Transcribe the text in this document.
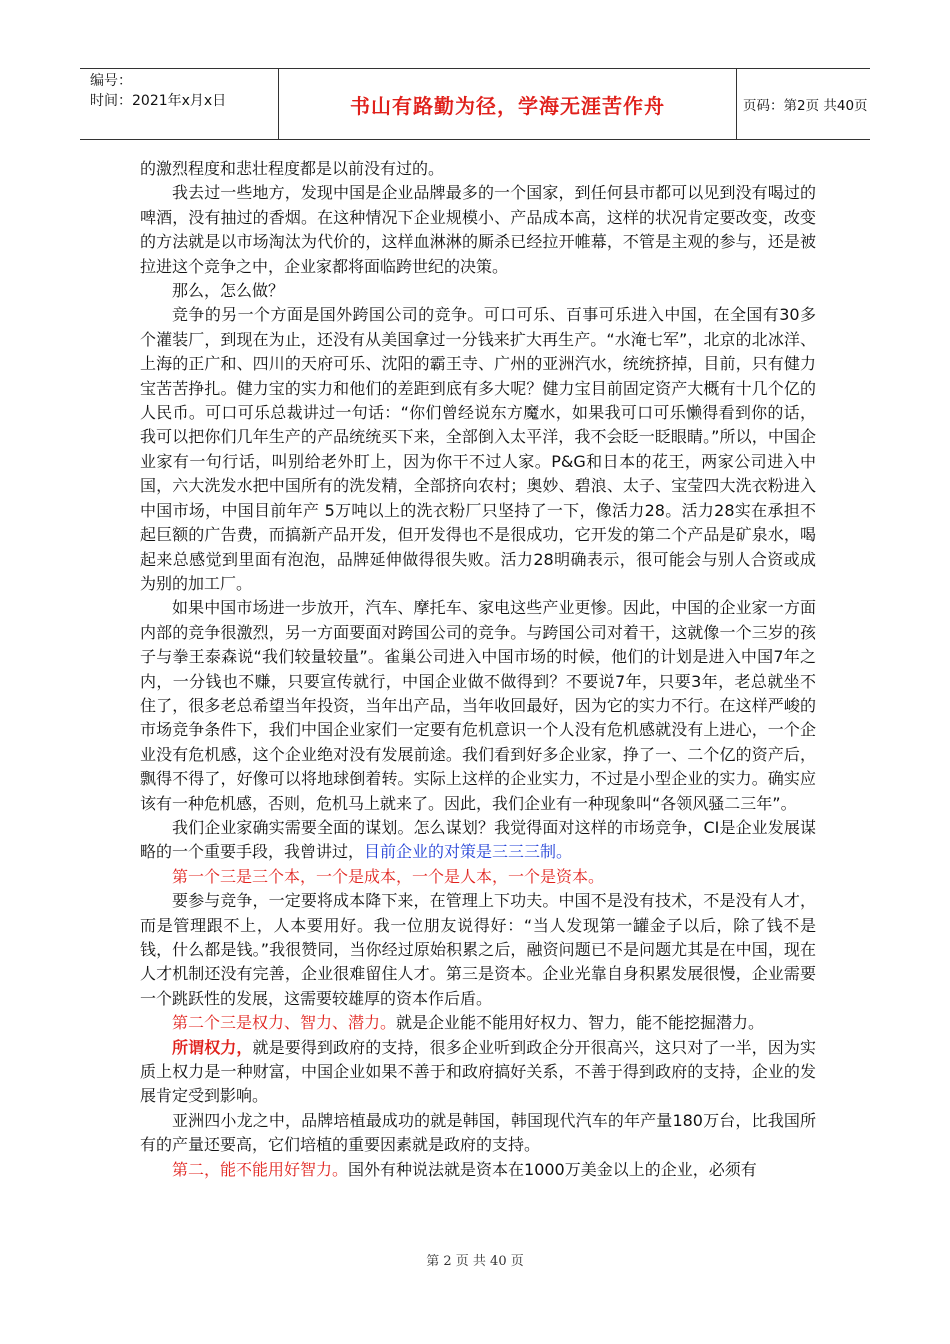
编号：
时间：2021年x月x日	书山有路勤为径，学海无涯苦作舟	页码：第2页 共40页

的激烈程度和悲壮程度都是以前没有过的。

我去过一些地方，发现中国是企业品牌最多的一个国家，到任何县市都可以见到没有喝过的啤酒，没有抽过的香烟。在这种情况下企业规模小、产品成本高，这样的状况肯定要改变，改变的方法就是以市场淘汰为代价的，这样血淋淋的厮杀已经拉开帷幕，不管是主观的参与，还是被拉进这个竞争之中，企业家都将面临跨世纪的决策。

那么，怎么做？

竞争的另一个方面是国外跨国公司的竞争。可口可乐、百事可乐进入中国，在全国有30多个灌装厂，到现在为止，还没有从美国拿过一分钱来扩大再生产。“水淹七军”，北京的北冰洋、上海的正广和、四川的天府可乐、沈阳的霸王寺、广州的亚洲汽水，统统挤掉，目前，只有健力宝苦苦挣扎。健力宝的实力和他们的差距到底有多大呢？健力宝目前固定资产大概有十几个亿的人民币。可口可乐总裁讲过一句话：“你们曾经说东方魔水，如果我可口可乐懒得看到你的话，我可以把你们几年生产的产品统统买下来，全部倒入太平洋，我不会眨一眨眼睛。”所以，中国企业家有一句行话，叫别给老外盯上，因为你干不过人家。P&G和日本的花王，两家公司进入中国，六大洗发水把中国所有的洗发精，全部挤向农村；奥妙、碧浪、太子、宝莹四大洗衣粉进入中国市场，中国目前年产 5万吨以上的洗衣粉厂只坚持了一下，像活力28。活力28实在承担不起巨额的广告费，而搞新产品开发，但开发得也不是很成功，它开发的第二个产品是矿泉水，喝起来总感觉到里面有泡泡，品牌延伸做得很失败。活力28明确表示，很可能会与别人合资或成为别的加工厂。

如果中国市场进一步放开，汽车、摩托车、家电这些产业更惨。因此，中国的企业家一方面内部的竞争很激烈，另一方面要面对跨国公司的竞争。与跨国公司对着干，这就像一个三岁的孩子与拳王泰森说“我们较量较量”。雀巢公司进入中国市场的时候，他们的计划是进入中国7年之内，一分钱也不赚，只要宣传就行，中国企业做不做得到？不要说7年，只要3年，老总就坐不住了，很多老总希望当年投资，当年出产品，当年收回最好，因为它的实力不行。在这样严峻的市场竞争条件下，我们中国企业家们一定要有危机意识一个人没有危机感就没有上进心，一个企业没有危机感，这个企业绝对没有发展前途。我们看到好多企业家，挣了一、二个亿的资产后，飘得不得了，好像可以将地球倒着转。实际上这样的企业实力，不过是小型企业的实力。确实应该有一种危机感，否则，危机马上就来了。因此，我们企业有一种现象叫“各领风骚二三年”。

我们企业家确实需要全面的谋划。怎么谋划？我觉得面对这样的市场竞争，CI是企业发展谋略的一个重要手段，我曾讲过，目前企业的对策是三三三制。

第一个三是三个本，一个是成本，一个是人本，一个是资本。

要参与竞争，一定要将成本降下来，在管理上下功夫。中国不是没有技术，不是没有人才，而是管理跟不上，人本要用好。我一位朋友说得好：“当人发现第一罐金子以后，除了钱不是钱，什么都是钱。”我很赞同，当你经过原始积累之后，融资问题已不是问题尤其是在中国，现在人才机制还没有完善，企业很难留住人才。第三是资本。企业光靠自身积累发展很慢，企业需要一个跳跃性的发展，这需要较雄厚的资本作后盾。

第二个三是权力、智力、潜力。就是企业能不能用好权力、智力，能不能挖掘潜力。

所谓权力，就是要得到政府的支持，很多企业听到政企分开很高兴，这只对了一半，因为实质上权力是一种财富，中国企业如果不善于和政府搞好关系，不善于得到政府的支持，企业的发展肯定受到影响。

亚洲四小龙之中，品牌培植最成功的就是韩国，韩国现代汽车的年产量180万台，比我国所有的产量还要高，它们培植的重要因素就是政府的支持。

第二，能不能用好智力。国外有种说法就是资本在1000万美金以上的企业，必须有

第 2 页 共 40 页
